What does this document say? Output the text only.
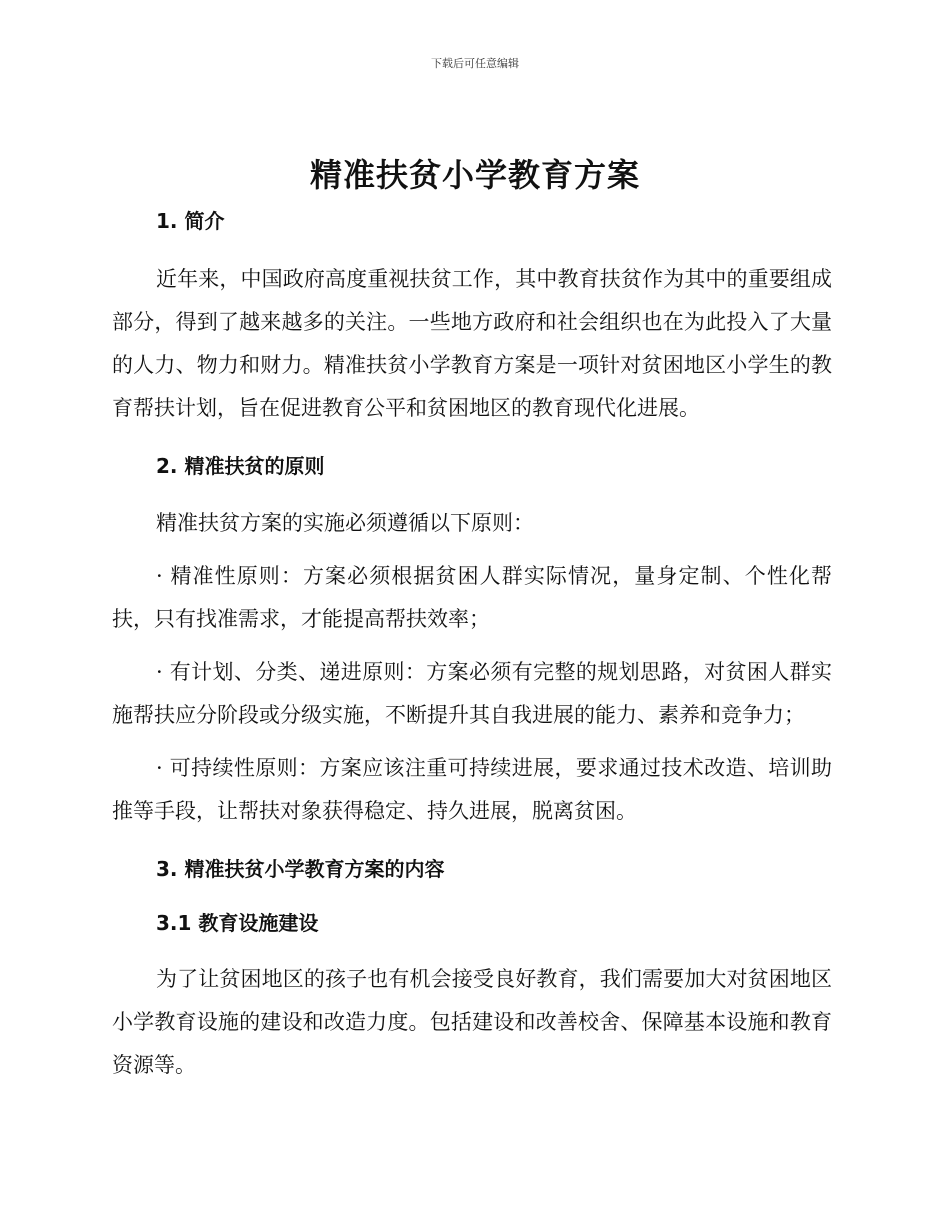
下载后可任意编辑
精准扶贫小学教育方案

1. 简介

近年来，中国政府高度重视扶贫工作，其中教育扶贫作为其中的重要组成部分，得到了越来越多的关注。一些地方政府和社会组织也在为此投入了大量的人力、物力和财力。精准扶贫小学教育方案是一项针对贫困地区小学生的教育帮扶计划，旨在促进教育公平和贫困地区的教育现代化进展。

2. 精准扶贫的原则

精准扶贫方案的实施必须遵循以下原则：

· 精准性原则：方案必须根据贫困人群实际情况，量身定制、个性化帮扶，只有找准需求，才能提高帮扶效率；

· 有计划、分类、递进原则：方案必须有完整的规划思路，对贫困人群实施帮扶应分阶段或分级实施，不断提升其自我进展的能力、素养和竞争力；

· 可持续性原则：方案应该注重可持续进展，要求通过技术改造、培训助推等手段，让帮扶对象获得稳定、持久进展，脱离贫困。

3. 精准扶贫小学教育方案的内容

3.1 教育设施建设

为了让贫困地区的孩子也有机会接受良好教育，我们需要加大对贫困地区小学教育设施的建设和改造力度。包括建设和改善校舍、保障基本设施和教育资源等。
